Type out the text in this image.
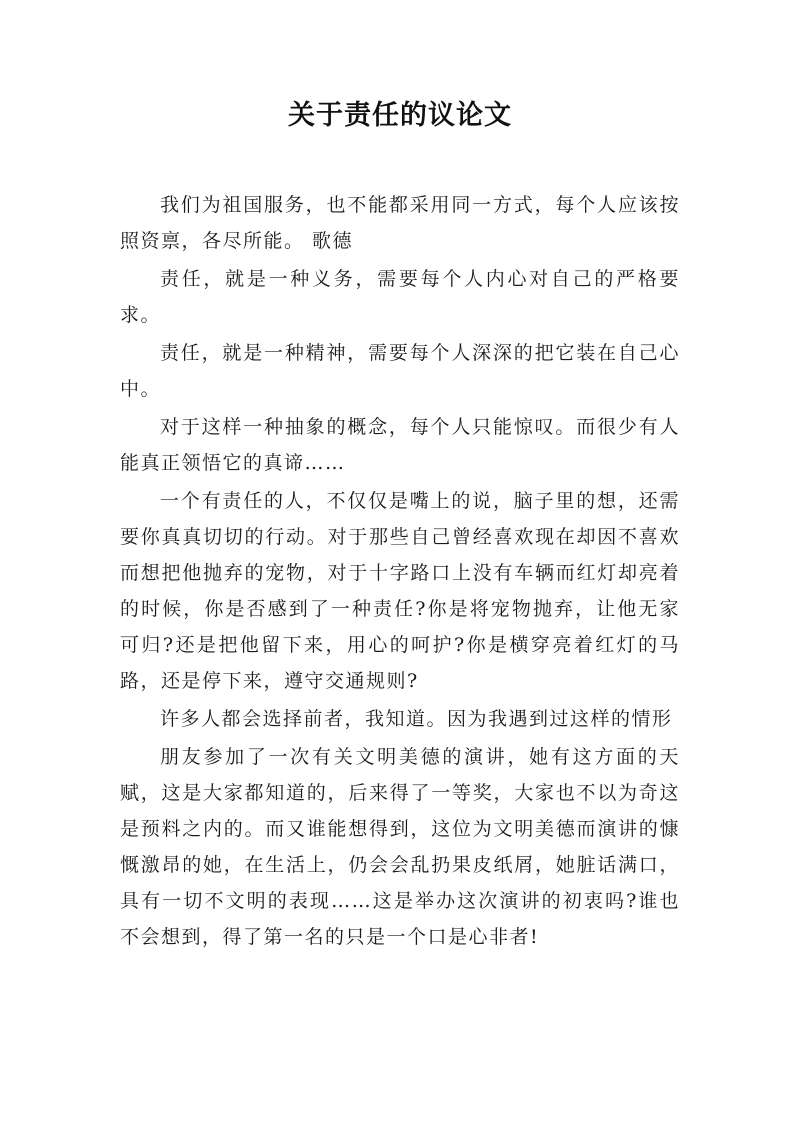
关于责任的议论文

我们为祖国服务，也不能都采用同一方式，每个人应该按照资禀，各尽所能。 歌德

责任，就是一种义务，需要每个人内心对自己的严格要求。

责任，就是一种精神，需要每个人深深的把它装在自己心中。

对于这样一种抽象的概念，每个人只能惊叹。而很少有人能真正领悟它的真谛……

一个有责任的人，不仅仅是嘴上的说，脑子里的想，还需要你真真切切的行动。对于那些自己曾经喜欢现在却因不喜欢而想把他抛弃的宠物，对于十字路口上没有车辆而红灯却亮着的时候，你是否感到了一种责任?你是将宠物抛弃，让他无家可归?还是把他留下来，用心的呵护?你是横穿亮着红灯的马路，还是停下来，遵守交通规则?

许多人都会选择前者，我知道。因为我遇到过这样的情形

朋友参加了一次有关文明美德的演讲，她有这方面的天赋，这是大家都知道的，后来得了一等奖，大家也不以为奇这是预料之内的。而又谁能想得到，这位为文明美德而演讲的慷慨激昂的她，在生活上，仍会会乱扔果皮纸屑，她脏话满口，具有一切不文明的表现……这是举办这次演讲的初衷吗?谁也不会想到，得了第一名的只是一个口是心非者!
